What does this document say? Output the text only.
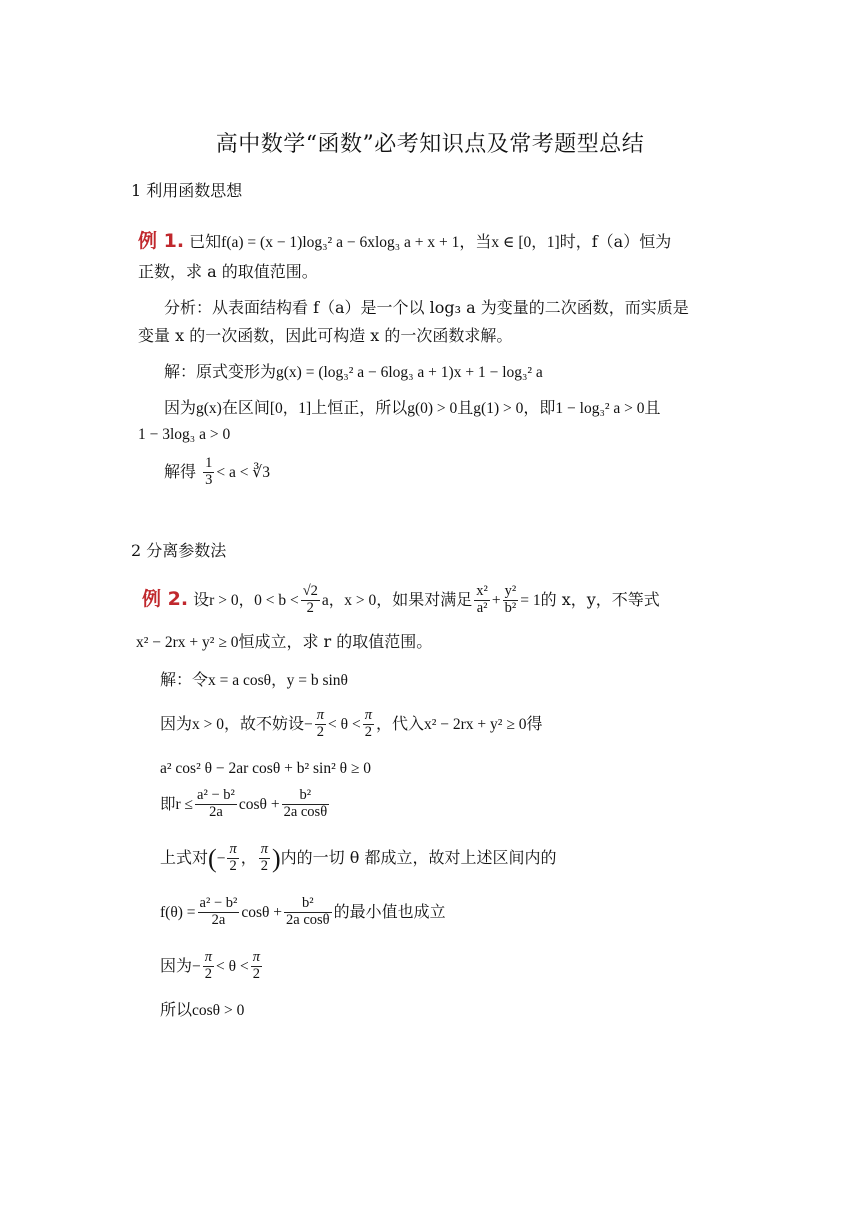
高中数学“函数”必考知识点及常考题型总结
1 利用函数思想
例 1. 已知f(a) = (x − 1)log₃² a − 6xlog₃ a + x + 1，当x ∈ [0，1]时，f（a）恒为
正数，求 a 的取值范围。
分析：从表面结构看 f（a）是一个以 log₃ a 为变量的二次函数，而实质是
变量 x 的一次函数，因此可构造 x 的一次函数求解。
解：原式变形为g(x) = (log₃² a − 6log₃ a + 1)x + 1 − log₃² a
因为g(x)在区间[0，1]上恒正，所以g(0) > 0且g(1) > 0，即1 − log₃² a > 0且
1 − 3log₃ a > 0
解得 $\frac{1}{3} < a$ < ∛3
2 分离参数法
例 2. 设r > 0，$0 < b < \frac{√2}{2}$ a，x > 0，如果对满足 $\frac{\text{x²}}{\text{a²}} + \frac{\text{y²}}{\text{b²}} = 1$的 x，y，不等式
x² − 2rx + y² ≥ 0恒成立，求 r 的取值范围。
解：令x = a cosθ，y = b sinθ
因为x > 0，故不妨设− $\frac{\pi}{2} < \theta < \frac{\pi}{2}$ ，代入x² − 2rx + y² ≥ 0得
a² cos² θ − 2ar cosθ + b² sin² θ ≥ 0
即$r \le \frac{\text{a² − b²}}{2a}$ $\cos\theta + \frac{\text{b²}}{\text{2a cosθ}}$
上式对(− $\frac{\pi}{2}$ ， $\frac{\pi}{2}$ )内的一切 θ 都成立，故对上述区间内的
$f(\theta) = \frac{\text{a² − b²}}{2a}$ $\cos\theta + \frac{\text{b²}}{\text{2a cosθ}}$ 的最小值也成立
因为− $\frac{\pi}{2} < \theta < \frac{\pi}{2}$
所以cosθ > 0
